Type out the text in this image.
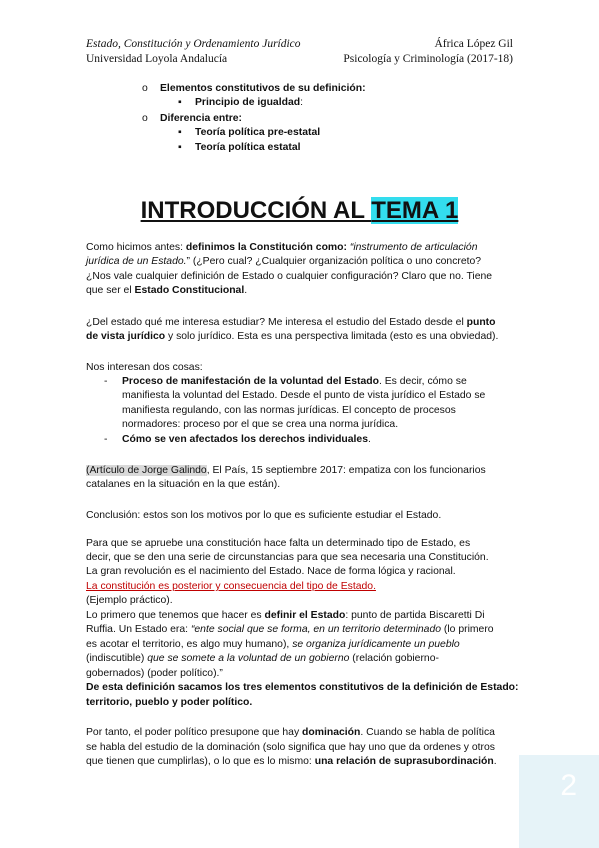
Estado, Constitución y Ordenamiento Jurídico	África López Gil
Universidad Loyola Andalucía	Psicología y Criminología (2017-18)
o Elementos constitutivos de su definición:
▪ Principio de igualdad:
o Diferencia entre:
▪ Teoría política pre-estatal
▪ Teoría política estatal
INTRODUCCIÓN AL TEMA 1
Como hicimos antes: definimos la Constitución como: “instrumento de articulación
jurídica de un Estado.” (¿Pero cual? ¿Cualquier organización política o uno concreto?
¿Nos vale cualquier definición de Estado o cualquier configuración? Claro que no. Tiene
que ser el Estado Constitucional.
¿Del estado qué me interesa estudiar? Me interesa el estudio del Estado desde el punto
de vista jurídico y solo jurídico. Esta es una perspectiva limitada (esto es una obviedad).
Nos interesan dos cosas:
- Proceso de manifestación de la voluntad del Estado. Es decir, cómo se
manifiesta la voluntad del Estado. Desde el punto de vista jurídico el Estado se
manifiesta regulando, con las normas jurídicas. El concepto de procesos
normadores: proceso por el que se crea una norma jurídica.
- Cómo se ven afectados los derechos individuales.
(Artículo de Jorge Galindo, El País, 15 septiembre 2017: empatiza con los funcionarios
catalanes en la situación en la que están).
Conclusión: estos son los motivos por lo que es suficiente estudiar el Estado.
Para que se apruebe una constitución hace falta un determinado tipo de Estado, es
decir, que se den una serie de circunstancias para que sea necesaria una Constitución.
La gran revolución es el nacimiento del Estado. Nace de forma lógica y racional.
La constitución es posterior y consecuencia del tipo de Estado.
(Ejemplo práctico).
Lo primero que tenemos que hacer es definir el Estado: punto de partida Biscaretti Di
Ruffia. Un Estado era: “ente social que se forma, en un territorio determinado (lo primero
es acotar el territorio, es algo muy humano), se organiza jurídicamente un pueblo
(indiscutible) que se somete a la voluntad de un gobierno (relación gobierno-
gobernados) (poder político).”
De esta definición sacamos los tres elementos constitutivos de la definición de Estado:
territorio, pueblo y poder político.
Por tanto, el poder político presupone que hay dominación. Cuando se habla de política
se habla del estudio de la dominación (solo significa que hay uno que da ordenes y otros
que tienen que cumplirlas), o lo que es lo mismo: una relación de suprasubordinación.
2
